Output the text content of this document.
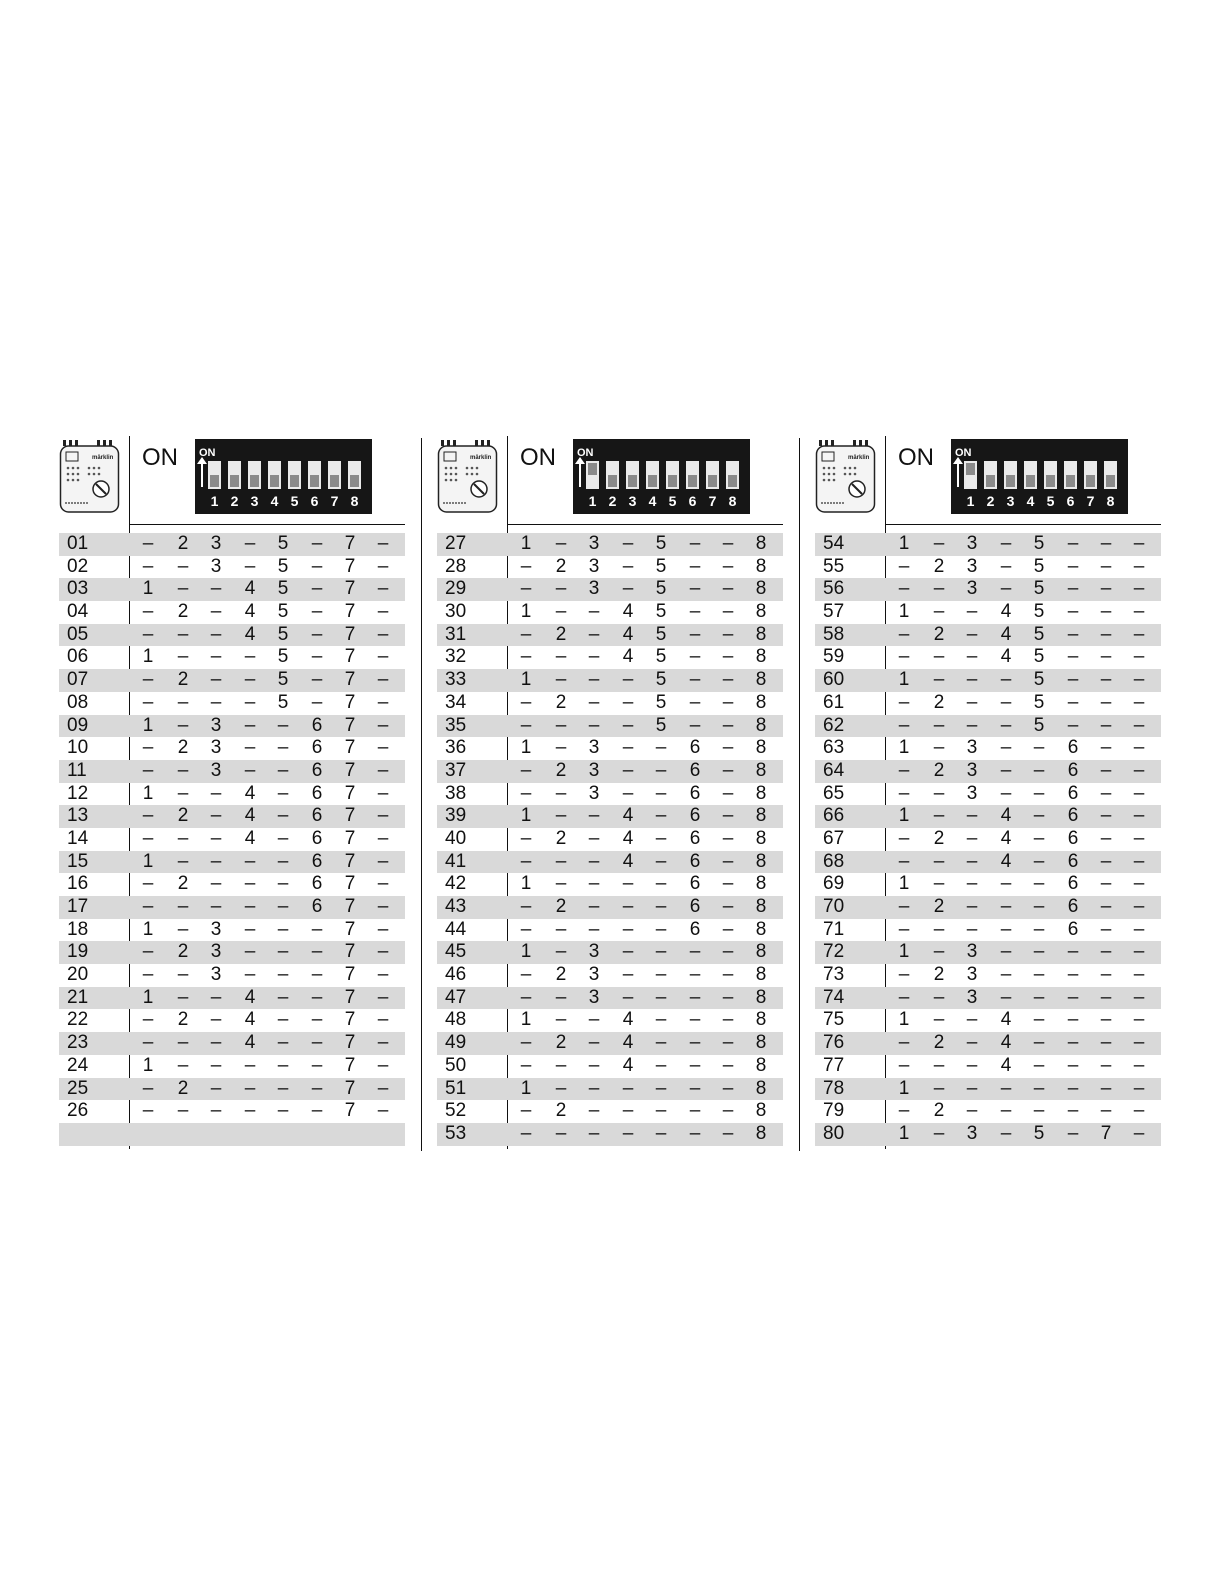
märklin ON ON
1 2 3 4 5 6 7 8
01	–	2	3	–	5	–	7	–
02	–	–	3	–	5	–	7	–
03	1	–	–	4	5	–	7	–
04	–	2	–	4	5	–	7	–
05	–	–	–	4	5	–	7	–
06	1	–	–	–	5	–	7	–
07	–	2	–	–	5	–	7	–
08	–	–	–	–	5	–	7	–
09	1	–	3	–	–	6	7	–
10	–	2	3	–	–	6	7	–
11	–	–	3	–	–	6	7	–
12	1	–	–	4	–	6	7	–
13	–	2	–	4	–	6	7	–
14	–	–	–	4	–	6	7	–
15	1	–	–	–	–	6	7	–
16	–	2	–	–	–	6	7	–
17	–	–	–	–	–	6	7	–
18	1	–	3	–	–	–	7	–
19	–	2	3	–	–	–	7	–
20	–	–	3	–	–	–	7	–
21	1	–	–	4	–	–	7	–
22	–	2	–	4	–	–	7	–
23	–	–	–	4	–	–	7	–
24	1	–	–	–	–	–	7	–
25	–	2	–	–	–	–	7	–
26	–	–	–	–	–	–	7	–
märklin ON ON
1 2 3 4 5 6 7 8
27	1	–	3	–	5	–	–	8
28	–	2	3	–	5	–	–	8
29	–	–	3	–	5	–	–	8
30	1	–	–	4	5	–	–	8
31	–	2	–	4	5	–	–	8
32	–	–	–	4	5	–	–	8
33	1	–	–	–	5	–	–	8
34	–	2	–	–	5	–	–	8
35	–	–	–	–	5	–	–	8
36	1	–	3	–	–	6	–	8
37	–	2	3	–	–	6	–	8
38	–	–	3	–	–	6	–	8
39	1	–	–	4	–	6	–	8
40	–	2	–	4	–	6	–	8
41	–	–	–	4	–	6	–	8
42	1	–	–	–	–	6	–	8
43	–	2	–	–	–	6	–	8
44	–	–	–	–	–	6	–	8
45	1	–	3	–	–	–	–	8
46	–	2	3	–	–	–	–	8
47	–	–	3	–	–	–	–	8
48	1	–	–	4	–	–	–	8
49	–	2	–	4	–	–	–	8
50	–	–	–	4	–	–	–	8
51	1	–	–	–	–	–	–	8
52	–	2	–	–	–	–	–	8
53	–	–	–	–	–	–	–	8
märklin ON ON
1 2 3 4 5 6 7 8
54	1	–	3	–	5	–	–	–
55	–	2	3	–	5	–	–	–
56	–	–	3	–	5	–	–	–
57	1	–	–	4	5	–	–	–
58	–	2	–	4	5	–	–	–
59	–	–	–	4	5	–	–	–
60	1	–	–	–	5	–	–	–
61	–	2	–	–	5	–	–	–
62	–	–	–	–	5	–	–	–
63	1	–	3	–	–	6	–	–
64	–	2	3	–	–	6	–	–
65	–	–	3	–	–	6	–	–
66	1	–	–	4	–	6	–	–
67	–	2	–	4	–	6	–	–
68	–	–	–	4	–	6	–	–
69	1	–	–	–	–	6	–	–
70	–	2	–	–	–	6	–	–
71	–	–	–	–	–	6	–	–
72	1	–	3	–	–	–	–	–
73	–	2	3	–	–	–	–	–
74	–	–	3	–	–	–	–	–
75	1	–	–	4	–	–	–	–
76	–	2	–	4	–	–	–	–
77	–	–	–	4	–	–	–	–
78	1	–	–	–	–	–	–	–
79	–	2	–	–	–	–	–	–
80	1	–	3	–	5	–	7	–
